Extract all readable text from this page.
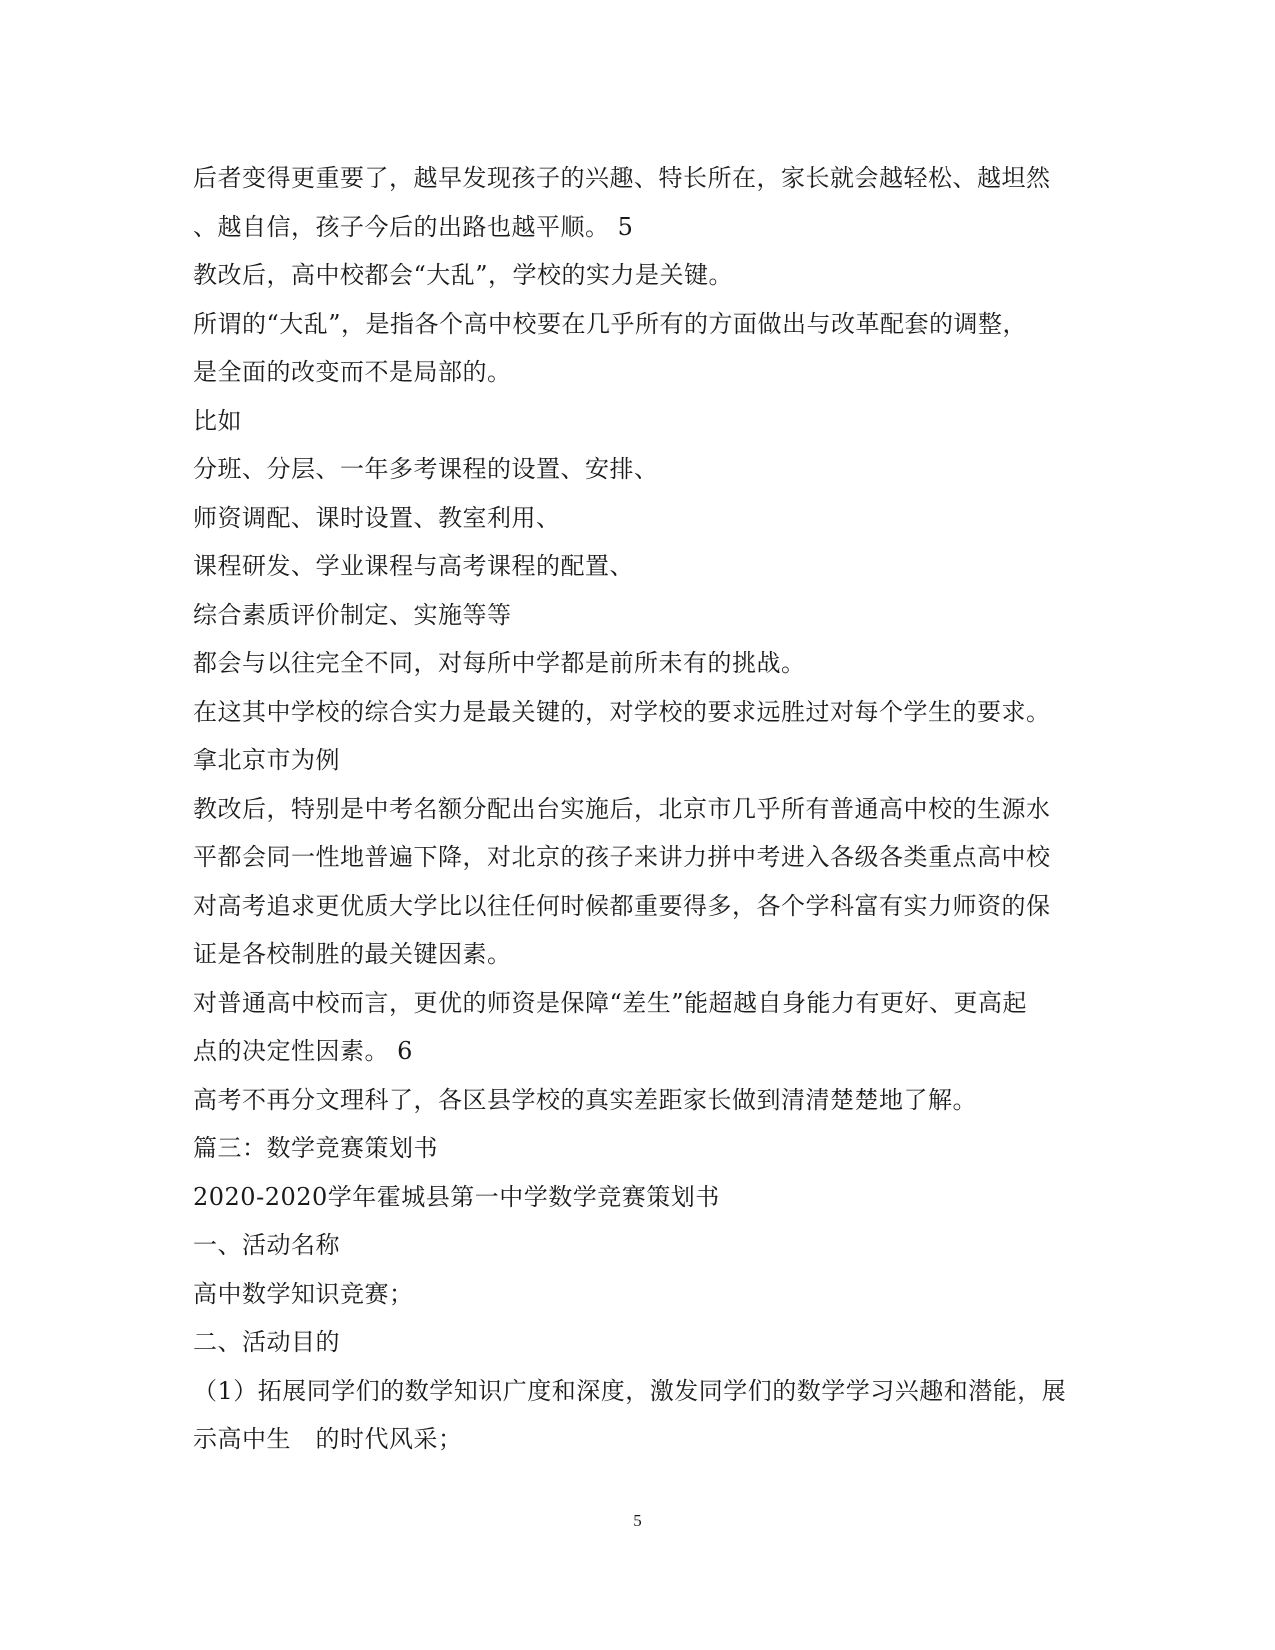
后者变得更重要了，越早发现孩子的兴趣、特长所在，家长就会越轻松、越坦然
、越自信，孩子今后的出路也越平顺。 5
教改后，高中校都会“大乱”，学校的实力是关键。
所谓的“大乱”，是指各个高中校要在几乎所有的方面做出与改革配套的调整，
是全面的改变而不是局部的。
比如
分班、分层、一年多考课程的设置、安排、
师资调配、课时设置、教室利用、
课程研发、学业课程与高考课程的配置、
综合素质评价制定、实施等等
都会与以往完全不同，对每所中学都是前所未有的挑战。
在这其中学校的综合实力是最关键的，对学校的要求远胜过对每个学生的要求。
拿北京市为例
教改后，特别是中考名额分配出台实施后，北京市几乎所有普通高中校的生源水
平都会同一性地普遍下降，对北京的孩子来讲力拼中考进入各级各类重点高中校
对高考追求更优质大学比以往任何时候都重要得多，各个学科富有实力师资的保
证是各校制胜的最关键因素。
对普通高中校而言，更优的师资是保障“差生”能超越自身能力有更好、更高起
点的决定性因素。 6
高考不再分文理科了，各区县学校的真实差距家长做到清清楚楚地了解。
篇三：数学竞赛策划书
2020-2020学年霍城县第一中学数学竞赛策划书
一、活动名称
高中数学知识竞赛；
二、活动目的
（1）拓展同学们的数学知识广度和深度，激发同学们的数学学习兴趣和潜能，展
示高中生　的时代风采；
5
